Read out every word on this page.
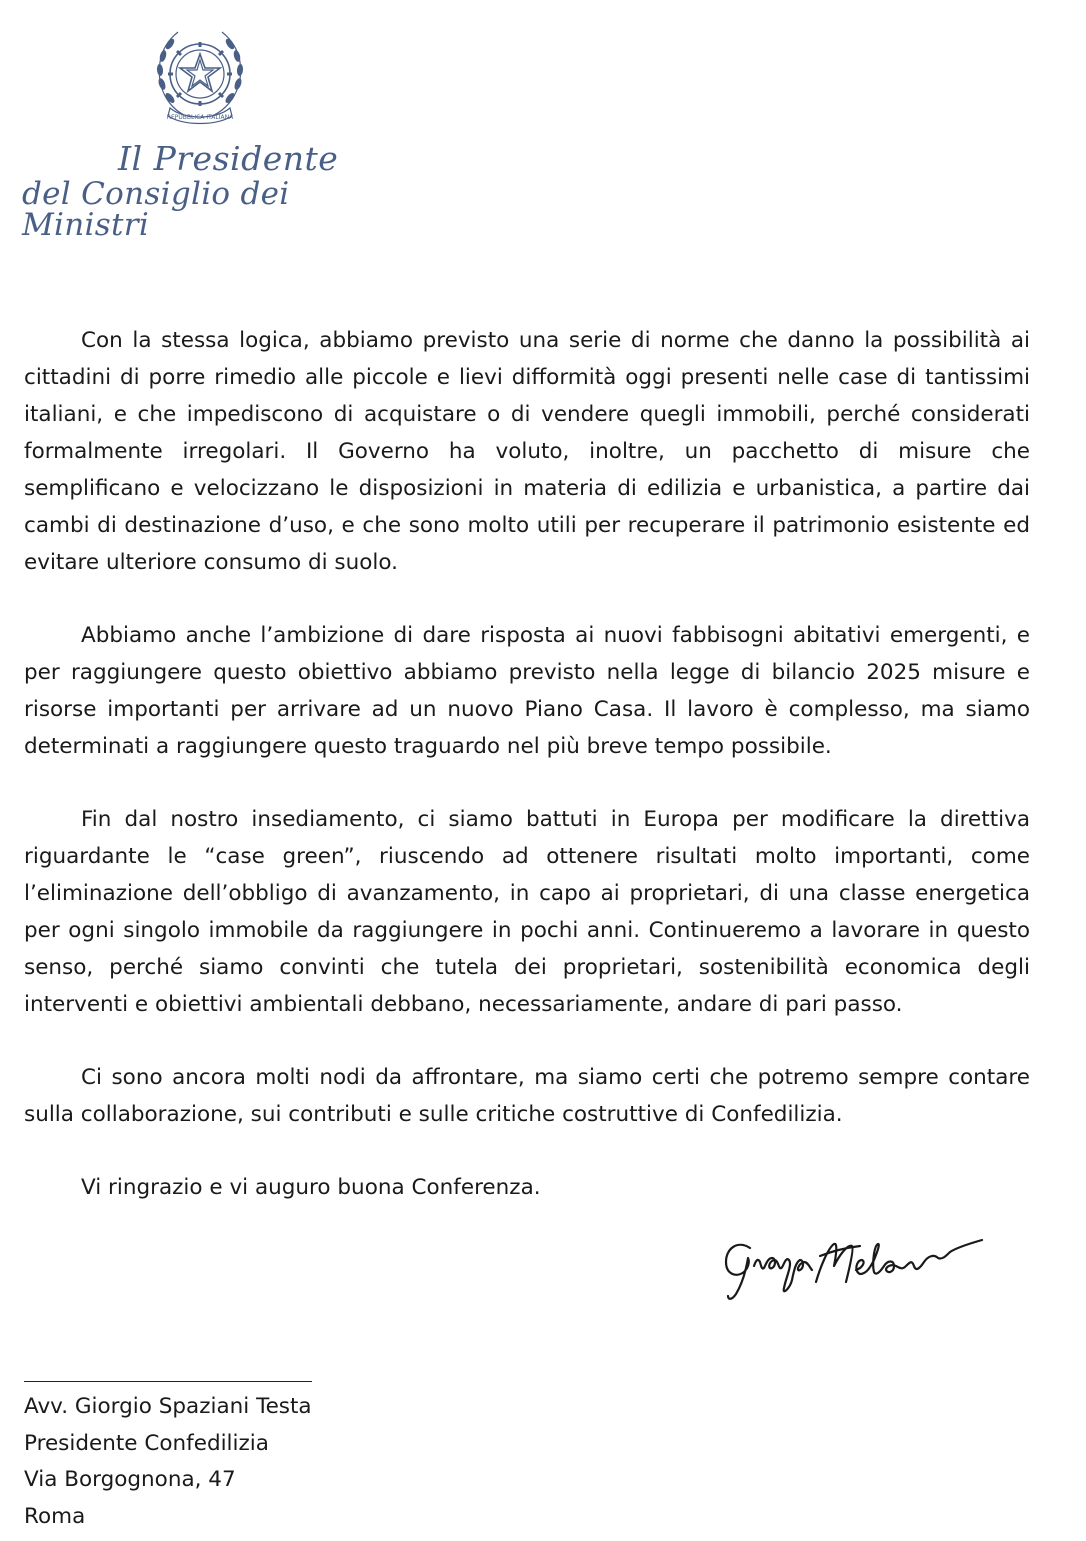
REPUBBLICA ITALIANA
Il Presidente
del Consiglio dei Ministri

Con la stessa logica, abbiamo previsto una serie di norme che danno la possibilità ai cittadini di porre rimedio alle piccole e lievi difformità oggi presenti nelle case di tantissimi italiani, e che impediscono di acquistare o di vendere quegli immobili, perché considerati formalmente irregolari. Il Governo ha voluto, inoltre, un pacchetto di misure che semplificano e velocizzano le disposizioni in materia di edilizia e urbanistica, a partire dai cambi di destinazione d’uso, e che sono molto utili per recuperare il patrimonio esistente ed evitare ulteriore consumo di suolo.

Abbiamo anche l’ambizione di dare risposta ai nuovi fabbisogni abitativi emergenti, e per raggiungere questo obiettivo abbiamo previsto nella legge di bilancio 2025 misure e risorse importanti per arrivare ad un nuovo Piano Casa. Il lavoro è complesso, ma siamo determinati a raggiungere questo traguardo nel più breve tempo possibile.

Fin dal nostro insediamento, ci siamo battuti in Europa per modificare la direttiva riguardante le “case green”, riuscendo ad ottenere risultati molto importanti, come l’eliminazione dell’obbligo di avanzamento, in capo ai proprietari, di una classe energetica per ogni singolo immobile da raggiungere in pochi anni. Continueremo a lavorare in questo senso, perché siamo convinti che tutela dei proprietari, sostenibilità economica degli interventi e obiettivi ambientali debbano, necessariamente, andare di pari passo.

Ci sono ancora molti nodi da affrontare, ma siamo certi che potremo sempre contare sulla collaborazione, sui contributi e sulle critiche costruttive di Confedilizia.

Vi ringrazio e vi auguro buona Conferenza.

Avv. Giorgio Spaziani Testa
Presidente Confedilizia
Via Borgognona, 47
Roma
